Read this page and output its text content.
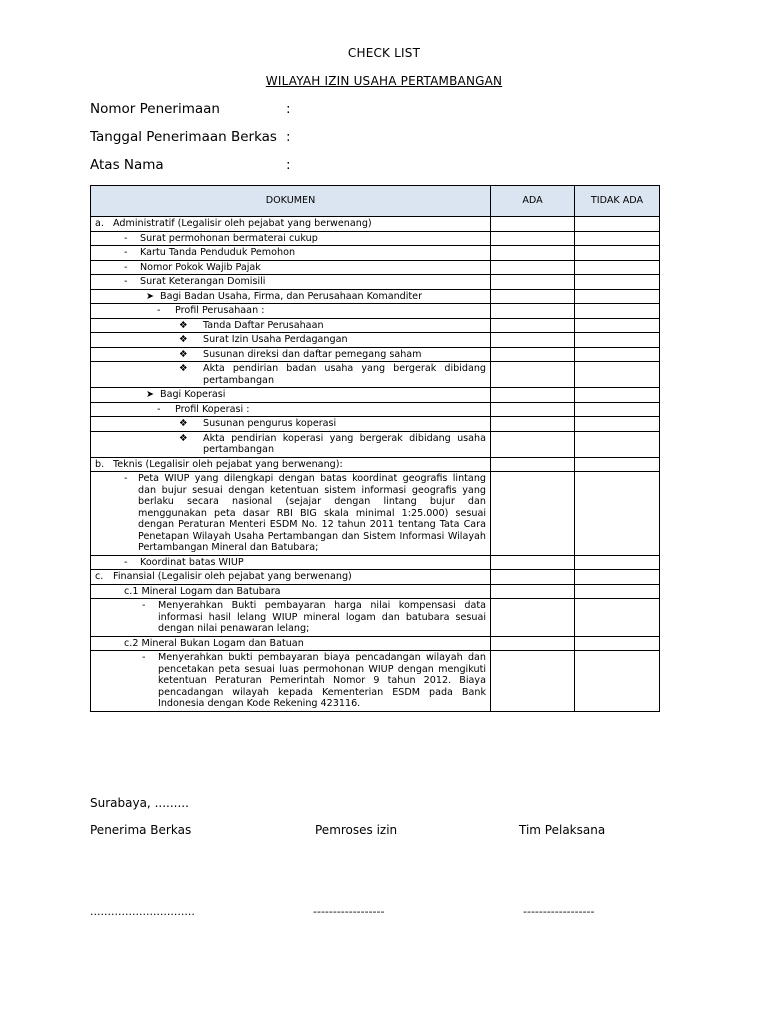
CHECK LIST
WILAYAH IZIN USAHA PERTAMBANGAN
Nomor Penerimaan	:
Tanggal Penerimaan Berkas :
Atas Nama	:
DOKUMEN	ADA	TIDAK ADA

a. Administratif (Legalisir oleh pejabat yang berwenang)		

- Surat permohonan bermaterai cukup		

- Kartu Tanda Penduduk Pemohon		

- Nomor Pokok Wajib Pajak		

- Surat Keterangan Domisili		

➤ Bagi Badan Usaha, Firma, dan Perusahaan Komanditer		

- Profil Perusahaan :		

❖ Tanda Daftar Perusahaan		

❖ Surat Izin Usaha Perdagangan		

❖ Susunan direksi dan daftar pemegang saham		

❖ Akta pendirian badan usaha yang bergerak dibidang pertambangan		

➤ Bagi Koperasi		

- Profil Koperasi :		

❖ Susunan pengurus koperasi		

❖ Akta pendirian koperasi yang bergerak dibidang usaha pertambangan		

b. Teknis (Legalisir oleh pejabat yang berwenang):		

- Peta WIUP yang dilengkapi dengan batas koordinat geografis lintang dan bujur sesuai dengan ketentuan sistem informasi geografis yang berlaku secara nasional (sejajar dengan lintang bujur dan menggunakan peta dasar RBI BIG skala minimal 1:25.000) sesuai dengan Peraturan Menteri ESDM No. 12 tahun 2011 tentang Tata Cara Penetapan Wilayah Usaha Pertambangan dan Sistem Informasi Wilayah Pertambangan Mineral dan Batubara;		

- Koordinat batas WIUP		

c. Finansial (Legalisir oleh pejabat yang berwenang)		

c.1 Mineral Logam dan Batubara		

- Menyerahkan Bukti pembayaran harga nilai kompensasi data informasi hasil lelang WIUP mineral logam dan batubara sesuai dengan nilai penawaran lelang;		

c.2 Mineral Bukan Logam dan Batuan		

- Menyerahkan bukti pembayaran biaya pencadangan wilayah dan pencetakan peta sesuai luas permohonan WIUP dengan mengikuti ketentuan Peraturan Pemerintah Nomor 9 tahun 2012. Biaya pencadangan wilayah kepada Kementerian ESDM pada Bank Indonesia dengan Kode Rekening 423116.		

Surabaya, .........
Penerima Berkas	Pemroses izin	Tim Pelaksana
..............................	------------------	------------------
